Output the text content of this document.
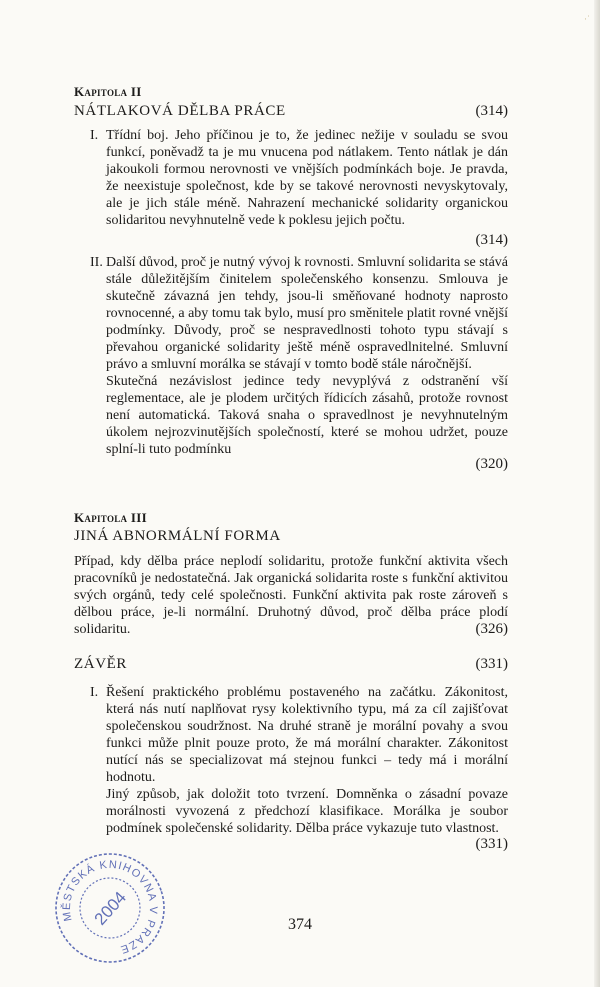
·˙
Kapitola II
NÁTLAKOVÁ DĚLBA PRÁCE	(314)
I. Třídní boj. Jeho příčinou je to, že jedinec nežije v souladu se svou funkcí, poněvadž ta je mu vnucena pod nátlakem. Tento nátlak je dán jakoukoli formou nerovnosti ve vnějších podmínkách boje. Je pravda, že neexistuje společnost, kde by se takové nerovnosti nevyskytovaly, ale je jich stále méně. Nahrazení mechanické solidarity organickou solidaritou nevyhnutelně vede k poklesu jejich počtu.

(314)
II. Další důvod, proč je nutný vývoj k rovnosti. Smluvní solidarita se stává stále důležitějším činitelem společenského konsenzu. Smlouva je skutečně závazná jen tehdy, jsou-li směňované hodnoty naprosto rovnocenné, a aby tomu tak bylo, musí pro směnitele platit rovné vnější podmínky. Důvody, proč se nespravedlnosti tohoto typu stávají s převahou organické solidarity ještě méně ospravedlnitelné. Smluvní právo a smluvní morálka se stávají v tomto bodě stále náročnější.

Skutečná nezávislost jedince tedy nevyplývá z odstranění vší reglementace, ale je plodem určitých řídicích zásahů, protože rovnost není automatická. Taková snaha o spravedlnost je nevyhnutelným úkolem nejrozvinutějších společností, které se mohou udržet, pouze splní-li tuto podmínku

(320)
Kapitola III
JINÁ ABNORMÁLNÍ FORMA

Případ, kdy dělba práce neplodí solidaritu, protože funkční aktivita všech pracovníků je nedostatečná. Jak organická solidarita roste s funkční aktivitou svých orgánů, tedy celé společnosti. Funkční aktivita pak roste zároveň s dělbou práce, je-li normální. Druhotný důvod, proč dělba práce plodí solidaritu.	(326)
ZÁVĚR	(331)
I. Řešení praktického problému postaveného na začátku. Zákonitost, která nás nutí naplňovat rysy kolektivního typu, má za cíl zajišťovat společenskou soudržnost. Na druhé straně je morální povahy a svou funkci může plnit pouze proto, že má morální charakter. Zákonitost nutící nás se specializovat má stejnou funkci – tedy má i morální hodnotu.

Jiný způsob, jak doložit toto tvrzení. Domněnka o zásadní povaze morálnosti vyvozená z předchozí klasifikace. Morálka je soubor podmínek společenské solidarity. Dělba práce vykazuje tuto vlastnost.

(331)
374
MĚSTSKÁ KNIHOVNA V PRAZE
2004
